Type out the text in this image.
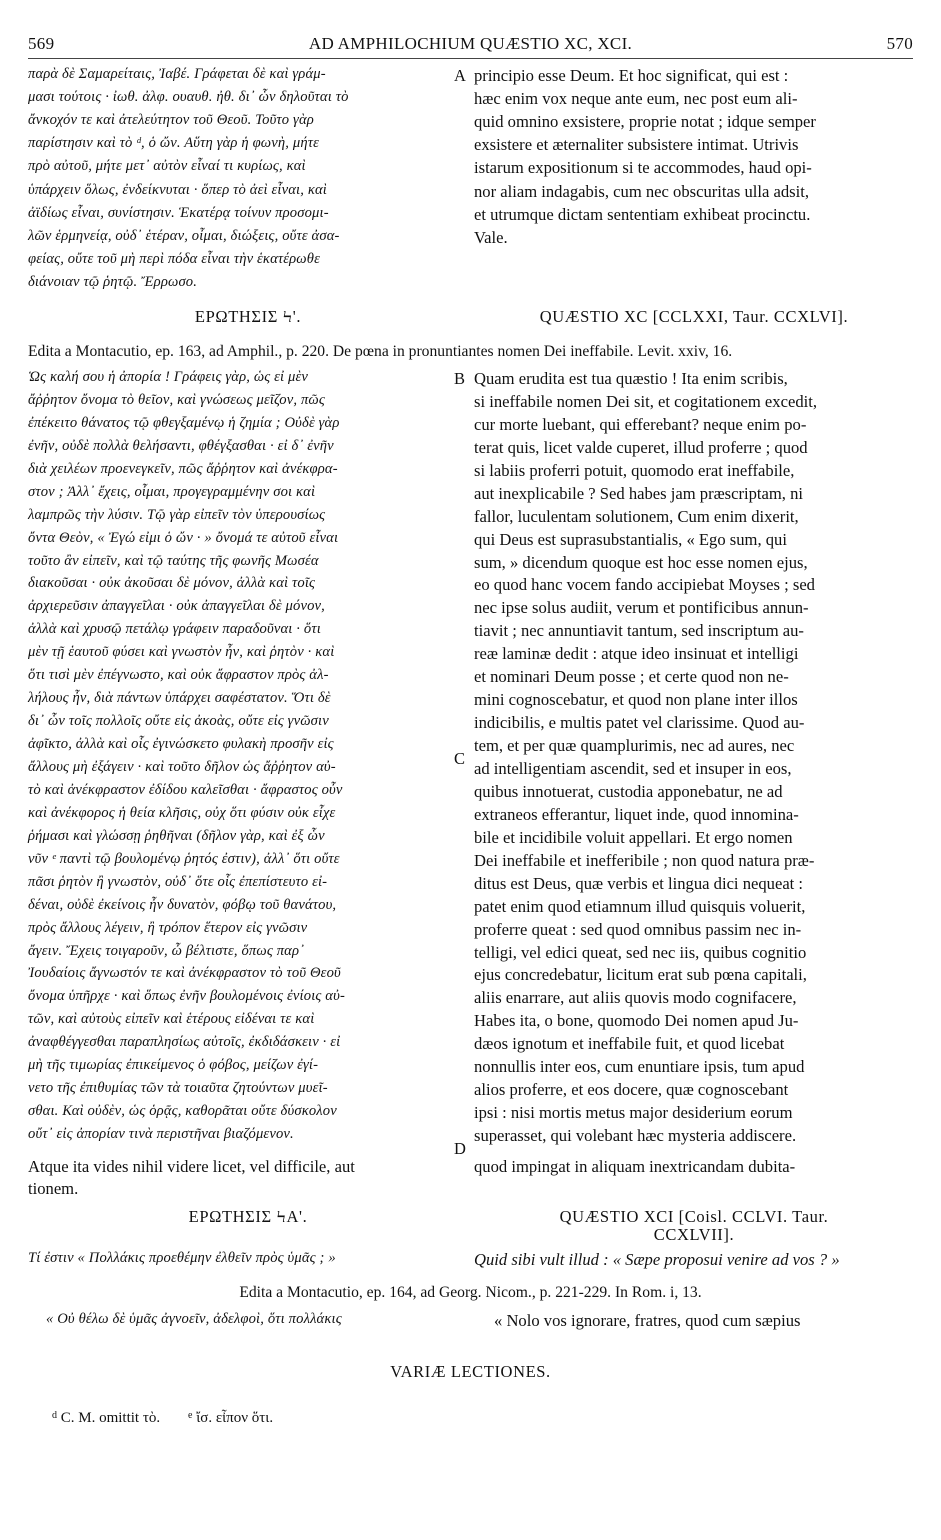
569	AD AMPHILOCHIUM QUÆSTIO XC, XCI.	570
παρὰ δὲ Σαμαρείταις, Ἰαβέ. Γράφεται δὲ καὶ γράμ-
μασι τούτοις · ἰωθ. ἀλφ. ουαυθ. ἠθ. δι᾽ ὧν δηλοῦται τὸ
ἄνκοχόν τε καὶ ἀτελεύτητον τοῦ Θεοῦ. Τοῦτο γὰρ
παρίστησιν καὶ τὸ ᵈ, ὁ ὤν. Αὕτη γὰρ ἡ φωνὴ, μήτε
πρὸ αὐτοῦ, μήτε μετ᾽ αὐτὸν εἶναί τι κυρίως, καὶ
ὑπάρχειν ὅλως, ἐνδείκνυται · ὅπερ τὸ ἀεὶ εἶναι, καὶ
ἀϊδίως εἶναι, συνίστησιν. Ἑκατέρᾳ τοίνυν προσομι-
λῶν ἑρμηνείᾳ, οὐδ᾽ ἑτέραν, οἶμαι, διώξεις, οὔτε ἀσα-
φείας, οὔτε τοῦ μὴ περὶ πόδα εἶναι τὴν ἑκατέρωθε
διάνοιαν τῷ ῥητῷ. Ἔρρωσο.
principio esse Deum. Et hoc significat, qui est :
hæc enim vox neque ante eum, nec post eum ali-
quid omnino exsistere, proprie notat ; idque semper
exsistere et æternaliter subsistere intimat. Utrivis
istarum expositionum si te accommodes, haud opi-
nor aliam indagabis, cum nec obscuritas ulla adsit,
et utrumque dictam sententiam exhibeat procinctu.
Vale.
A
ΕΡΩΤΗΣΙΣ Ϟ'.	QUÆSTIO XC [CCLXXI, Taur. CCXLVI].
Edita a Montacutio, ep. 163, ad Amphil., p. 220. De pœna in pronuntiantes nomen Dei ineffabile. Levit. xxiv, 16.
Ὡς καλή σου ἡ ἀπορία ! Γράφεις γὰρ, ὡς εἰ μὲν
ἄῤῥητον ὄνομα τὸ θεῖον, καὶ γνώσεως μεῖζον, πῶς
ἐπέκειτο θάνατος τῷ φθεγξαμένῳ ἡ ζημία ; Οὐδὲ γὰρ
ἐνῆν, οὐδὲ πολλὰ θελήσαντι, φθέγξασθαι · εἰ δ᾽ ἐνῆν
διὰ χειλέων προενεγκεῖν, πῶς ἄῤῥητον καὶ ἀνέκφρα-
στον ; Ἀλλ᾽ ἔχεις, οἶμαι, προγεγραμμένην σοι καὶ
λαμπρῶς τὴν λύσιν. Τῷ γὰρ εἰπεῖν τὸν ὑπερουσίως
ὄντα Θεὸν, « Ἐγώ εἰμι ὁ ὤν · » ὄνομά τε αὐτοῦ εἶναι
τοῦτο ἂν εἰπεῖν, καὶ τῷ ταύτης τῆς φωνῆς Μωσέα
διακοῦσαι · οὐκ ἀκοῦσαι δὲ μόνον, ἀλλὰ καὶ τοῖς
ἀρχιερεῦσιν ἀπαγγεῖλαι · οὐκ ἀπαγγεῖλαι δὲ μόνον,
ἀλλὰ καὶ χρυσῷ πετάλῳ γράφειν παραδοῦναι · ὅτι
μὲν τῇ ἑαυτοῦ φύσει καὶ γνωστὸν ἦν, καὶ ῥητὸν · καὶ
ὅτι τισὶ μὲν ἐπέγνωστο, καὶ οὐκ ἄφραστον πρὸς ἀλ-
λήλους ἦν, διὰ πάντων ὑπάρχει σαφέστατον. Ὅτι δὲ
δι᾽ ὧν τοῖς πολλοῖς οὔτε εἰς ἀκοὰς, οὔτε εἰς γνῶσιν
ἀφῖκτο, ἀλλὰ καὶ οἷς ἐγινώσκετο φυλακὴ προσῆν εἰς
ἄλλους μὴ ἐξάγειν · καὶ τοῦτο δῆλον ὡς ἄῤῥητον αὐ-
τὸ καὶ ἀνέκφραστον ἐδίδου καλεῖσθαι · ἄφραστος οὖν
καὶ ἀνέκφορος ἡ θεία κλῆσις, οὐχ ὅτι φύσιν οὐκ εἶχε
ῥήμασι καὶ γλώσσῃ ῥηθῆναι (δῆλον γὰρ, καὶ ἐξ ὧν
νῦν ᵉ παντὶ τῷ βουλομένῳ ῥητός ἐστιν), ἀλλ᾽ ὅτι οὔτε
πᾶσι ῥητὸν ἢ γνωστὸν, οὐδ᾽ ὅτε οἷς ἐπεπίστευτο εἰ-
δέναι, οὐδὲ ἐκείνοις ἦν δυνατὸν, φόβῳ τοῦ θανάτου,
πρὸς ἄλλους λέγειν, ἢ τρόπον ἕτερον εἰς γνῶσιν
ἄγειν. Ἔχεις τοιγαροῦν, ὦ βέλτιστε, ὅπως παρ᾽
Ἰουδαίοις ἄγνωστόν τε καὶ ἀνέκφραστον τὸ τοῦ Θεοῦ
ὄνομα ὑπῆρχε · καὶ ὅπως ἐνῆν βουλομένοις ἐνίοις αὐ-
τῶν, καὶ αὐτοὺς εἰπεῖν καὶ ἑτέρους εἰδέναι τε καὶ
ἀναφθέγγεσθαι παραπλησίως αὐτοῖς, ἐκδιδάσκειν · εἰ
μὴ τῆς τιμωρίας ἐπικείμενος ὁ φόβος, μείζων ἐγί-
νετο τῆς ἐπιθυμίας τῶν τὰ τοιαῦτα ζητούντων μυεῖ-
σθαι. Καὶ οὐδὲν, ὡς ὁρᾷς, καθορᾶται οὔτε δύσκολον
οὔτ᾽ εἰς ἀπορίαν τινὰ περιστῆναι βιαζόμενον.
Quam erudita est tua quæstio ! Ita enim scribis,
si ineffabile nomen Dei sit, et cogitationem excedit,
cur morte luebant, qui efferebant? neque enim po-
terat quis, licet valde cuperet, illud proferre ; quod
si labiis proferri potuit, quomodo erat ineffabile,
aut inexplicabile ? Sed habes jam præscriptam, ni
fallor, luculentam solutionem, Cum enim dixerit,
qui Deus est suprasubstantialis, « Ego sum, qui
sum, » dicendum quoque est hoc esse nomen ejus,
eo quod hanc vocem fando accipiebat Moyses ; sed
nec ipse solus audiit, verum et pontificibus annun-
tiavit ; nec annuntiavit tantum, sed inscriptum au-
reæ laminæ dedit : atque ideo insinuat et intelligi
et nominari Deum posse ; et certe quod non ne-
mini cognoscebatur, et quod non plane inter illos
indicibilis, e multis patet vel clarissime. Quod au-
tem, et per quæ quamplurimis, nec ad aures, nec
ad intelligentiam ascendit, sed et insuper in eos,
quibus innotuerat, custodia apponebatur, ne ad
extraneos efferantur, liquet inde, quod innomina-
bile et incidibile voluit appellari. Et ergo nomen
Dei ineffabile et inefferibile ; non quod natura præ-
ditus est Deus, quæ verbis et lingua dici nequeat :
patet enim quod etiamnum illud quisquis voluerit,
proferre queat : sed quod omnibus passim nec in-
telligi, vel edici queat, sed nec iis, quibus cognitio
ejus concredebatur, licitum erat sub pœna capitali,
aliis enarrare, aut aliis quovis modo cognifacere,
Habes ita, o bone, quomodo Dei nomen apud Ju-
dæos ignotum et ineffabile fuit, et quod licebat
nonnullis inter eos, cum enuntiare ipsis, tum apud
alios proferre, et eos docere, quæ cognoscebant
ipsi : nisi mortis metus major desiderium eorum
superasset, qui volebant hæc mysteria addiscere.
B
C
D
Atque ita vides nihil videre licet, vel difficile, aut	quod impingat in aliquam inextricandam dubita-
tionem.
ΕΡΩΤΗΣΙΣ ϞΑ'.	QUÆSTIO XCI [Coisl. CCLVI. Taur.
CCXLVII].
Τί ἐστιν « Πολλάκις προεθέμην ἐλθεῖν πρὸς ὑμᾶς ; »	Quid sibi vult illud : « Sæpe proposui venire ad vos ? »
Edita a Montacutio, ep. 164, ad Georg. Nicom., p. 221-229. In Rom. i, 13.
« Οὐ θέλω δὲ ὑμᾶς ἀγνοεῖν, ἀδελφοὶ, ὅτι πολλάκις	« Nolo vos ignorare, fratres, quod cum sæpius
VARIÆ LECTIONES.
$^d$ C. M. omittit τὸ.	$^e$ ἴσ. εἶπον ὅτι.
